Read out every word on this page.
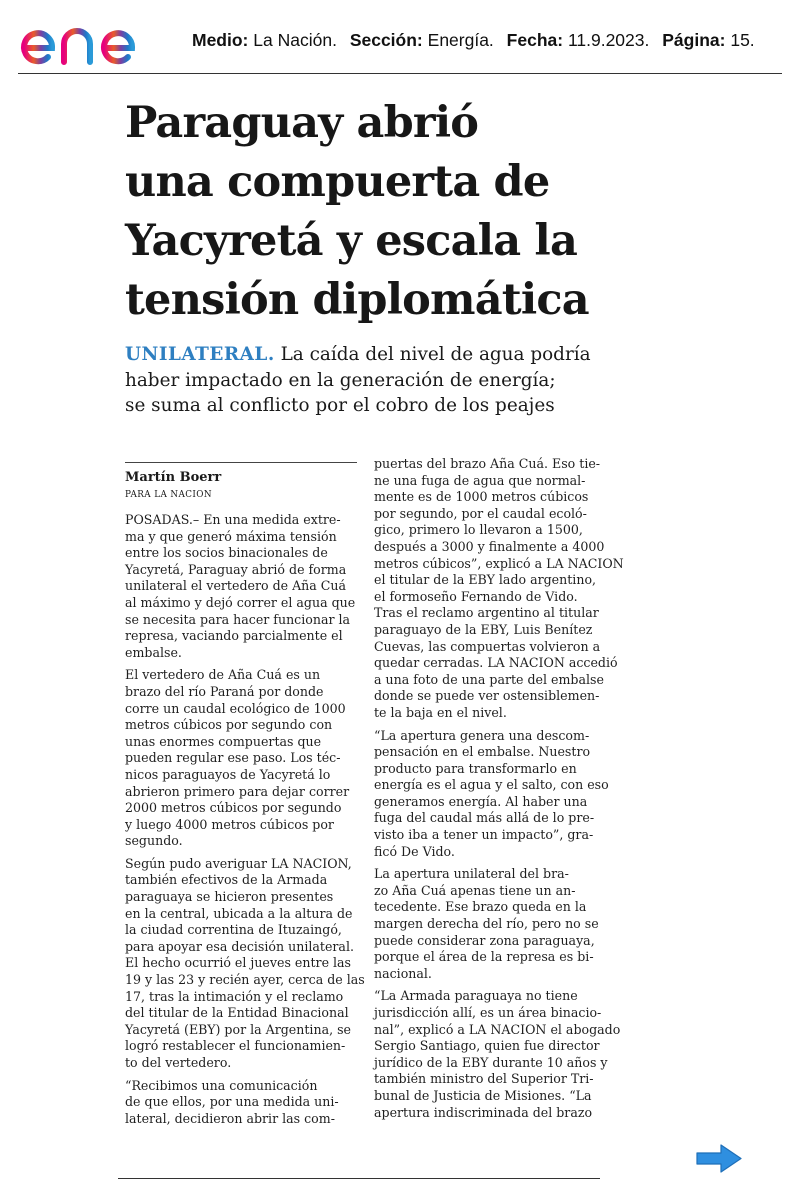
Medio: La Nación. Sección: Energía. Fecha: 11.9.2023. Página: 15.
Paraguay abrió
una compuerta de
Yacyretá y escala la
tensión diplomática
UNILATERAL. La caída del nivel de agua podría
haber impactado en la generación de energía;
se suma al conflicto por el cobro de los peajes
Martín Boerr
PARA LA NACION
POSADAS.– En una medida extre-
ma y que generó máxima tensión
entre los socios binacionales de
Yacyretá, Paraguay abrió de forma
unilateral el vertedero de Aña Cuá
al máximo y dejó correr el agua que
se necesita para hacer funcionar la
represa, vaciando parcialmente el
embalse.
El vertedero de Aña Cuá es un
brazo del río Paraná por donde
corre un caudal ecológico de 1000
metros cúbicos por segundo con
unas enormes compuertas que
pueden regular ese paso. Los téc-
nicos paraguayos de Yacyretá lo
abrieron primero para dejar correr
2000 metros cúbicos por segundo
y luego 4000 metros cúbicos por
segundo.
Según pudo averiguar LA NACION,
también efectivos de la Armada
paraguaya se hicieron presentes
en la central, ubicada a la altura de
la ciudad correntina de Ituzaingó,
para apoyar esa decisión unilateral.
El hecho ocurrió el jueves entre las
19 y las 23 y recién ayer, cerca de las
17, tras la intimación y el reclamo
del titular de la Entidad Binacional
Yacyretá (EBY) por la Argentina, se
logró restablecer el funcionamien-
to del vertedero.
“Recibimos una comunicación
de que ellos, por una medida uni-
lateral, decidieron abrir las com-
puertas del brazo Aña Cuá. Eso tie-
ne una fuga de agua que normal-
mente es de 1000 metros cúbicos
por segundo, por el caudal ecoló-
gico, primero lo llevaron a 1500,
después a 3000 y finalmente a 4000
metros cúbicos”, explicó a LA NACION
el titular de la EBY lado argentino,
el formoseño Fernando de Vido.
Tras el reclamo argentino al titular
paraguayo de la EBY, Luis Benítez
Cuevas, las compuertas volvieron a
quedar cerradas. LA NACION accedió
a una foto de una parte del embalse
donde se puede ver ostensiblemen-
te la baja en el nivel.
“La apertura genera una descom-
pensación en el embalse. Nuestro
producto para transformarlo en
energía es el agua y el salto, con eso
generamos energía. Al haber una
fuga del caudal más allá de lo pre-
visto iba a tener un impacto”, gra-
ficó De Vido.
La apertura unilateral del bra-
zo Aña Cuá apenas tiene un an-
tecedente. Ese brazo queda en la
margen derecha del río, pero no se
puede considerar zona paraguaya,
porque el área de la represa es bi-
nacional.
“La Armada paraguaya no tiene
jurisdicción allí, es un área binacio-
nal”, explicó a LA NACION el abogado
Sergio Santiago, quien fue director
jurídico de la EBY durante 10 años y
también ministro del Superior Tri-
bunal de Justicia de Misiones. “La
apertura indiscriminada del brazo
